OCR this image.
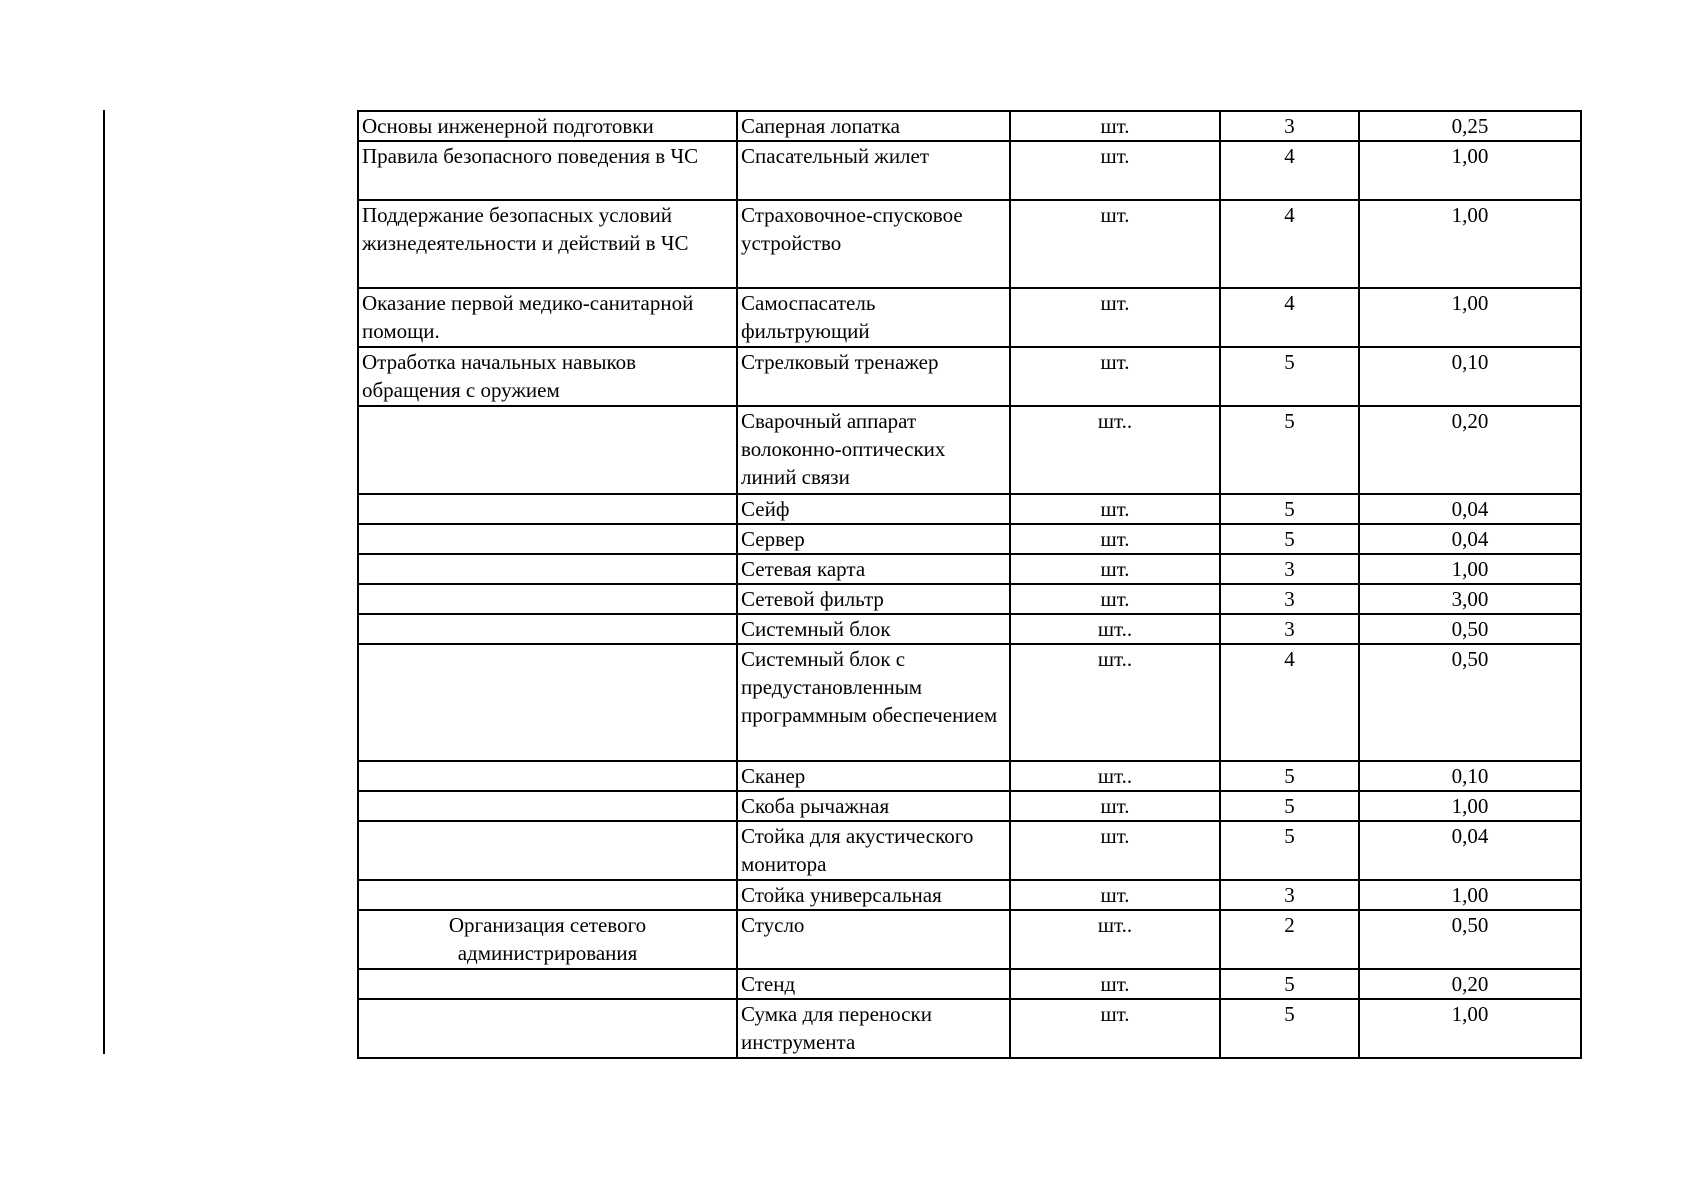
Основы инженерной подготовки	Саперная лопатка	шт.	3	0,25
Правила безопасного поведения в ЧС	Спасательный жилет	шт.	4	1,00
Поддержание безопасных условий жизнедеятельности и действий в ЧС	Страховочное-спусковое устройство	шт.	4	1,00
Оказание первой медико-санитарной помощи.	Самоспасатель фильтрующий	шт.	4	1,00
Отработка начальных навыков обращения с оружием	Стрелковый тренажер	шт.	5	0,10
	Сварочный аппарат волоконно-оптических линий связи	шт..	5	0,20
	Сейф	шт.	5	0,04
	Сервер	шт.	5	0,04
	Сетевая карта	шт.	3	1,00
	Сетевой фильтр	шт.	3	3,00
	Системный блок	шт..	3	0,50
	Системный блок с предустановленным программным обеспечением	шт..	4	0,50
	Сканер	шт..	5	0,10
	Скоба рычажная	шт.	5	1,00
	Стойка для акустического монитора	шт.	5	0,04
	Стойка универсальная	шт.	3	1,00
Организация сетевого администрирования	Стусло	шт..	2	0,50
	Стенд	шт.	5	0,20
	Сумка для переноски инструмента	шт.	5	1,00
